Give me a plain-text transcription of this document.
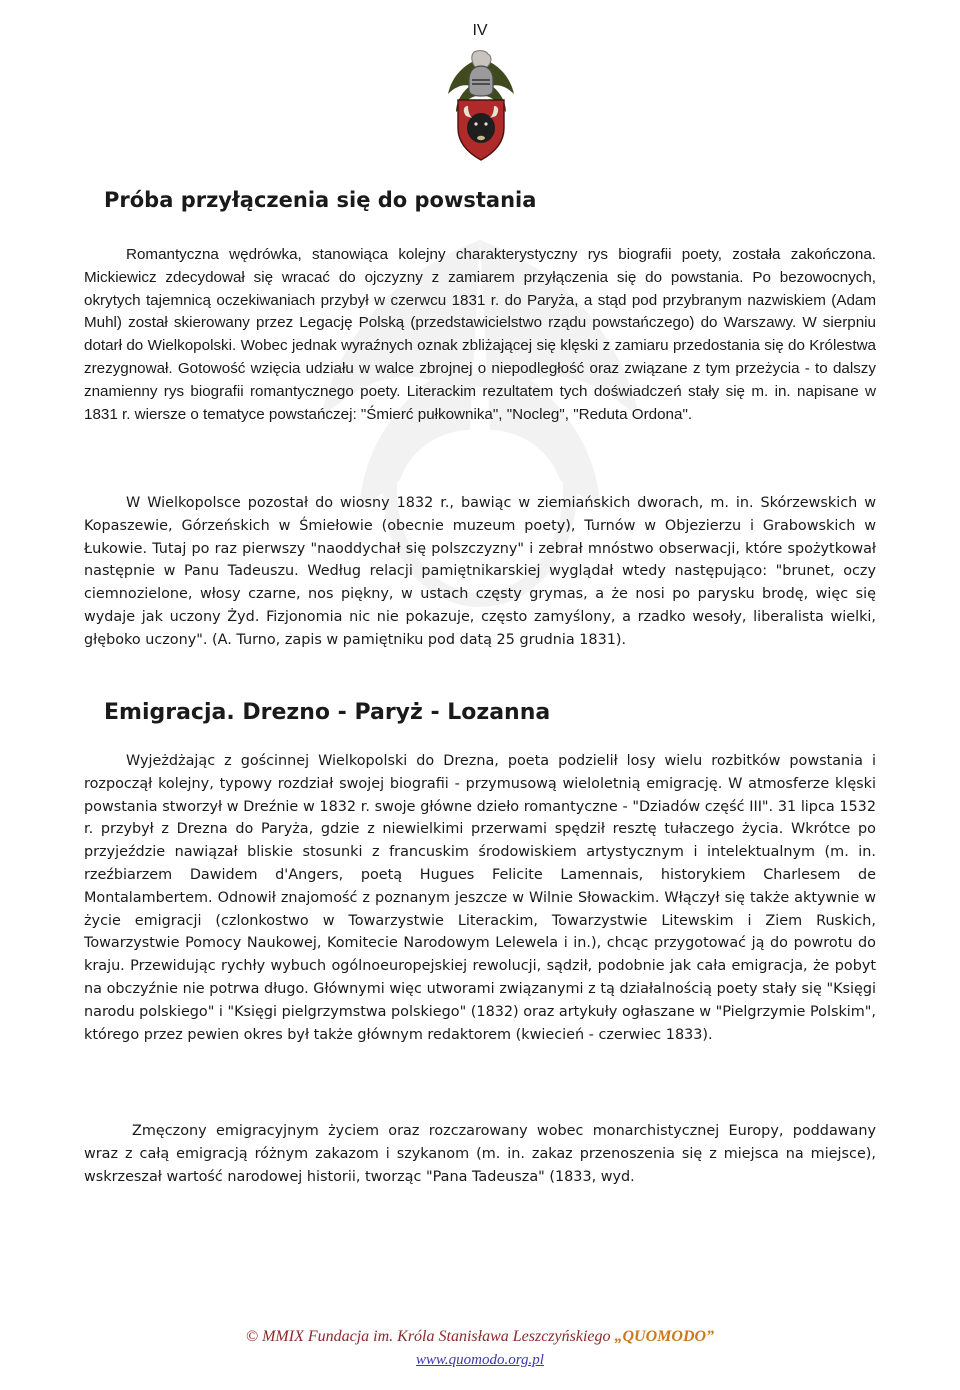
IV
Próba przyłączenia się do powstania

Romantyczna wędrówka, stanowiąca kolejny charakterystyczny rys biografii poety, została zakończona. Mickiewicz zdecydował się wracać do ojczyzny z zamiarem przyłączenia się do powstania. Po bezowocnych, okrytych tajemnicą oczekiwaniach przybył w czerwcu 1831 r. do Paryża, a stąd pod przybranym nazwiskiem (Adam Muhl) został skierowany przez Legację Polską (przedstawicielstwo rządu powstańczego) do Warszawy. W sierpniu dotarł do Wielkopolski. Wobec jednak wyraźnych oznak zbliżającej się klęski z zamiaru przedostania się do Królestwa zrezygnował. Gotowość wzięcia udziału w walce zbrojnej o niepodległość oraz związane z tym przeżycia - to dalszy znamienny rys biografii romantycznego poety. Literackim rezultatem tych doświadczeń stały się m. in. napisane w 1831 r. wiersze o tematyce powstańczej: "Śmierć pułkownika", "Nocleg", "Reduta Ordona".

W Wielkopolsce pozostał do wiosny 1832 r., bawiąc w ziemiańskich dworach, m. in. Skórzewskich w Kopaszewie, Górzeńskich w Śmiełowie (obecnie muzeum poety), Turnów w Objezierzu i Grabowskich w Łukowie. Tutaj po raz pierwszy "naoddychał się polszczyzny" i zebrał mnóstwo obserwacji, które spożytkował następnie w Panu Tadeuszu. Według relacji pamiętnikarskiej wyglądał wtedy następująco: "brunet, oczy ciemnozielone, włosy czarne, nos piękny, w ustach częsty grymas, a że nosi po parysku brodę, więc się wydaje jak uczony Żyd. Fizjonomia nic nie pokazuje, często zamyślony, a rzadko wesoły, liberalista wielki, głęboko uczony". (A. Turno, zapis w pamiętniku pod datą 25 grudnia 1831).

Emigracja. Drezno - Paryż - Lozanna

Wyjeżdżając z gościnnej Wielkopolski do Drezna, poeta podzielił losy wielu rozbitków powstania i rozpoczął kolejny, typowy rozdział swojej biografii - przymusową wieloletnią emigrację. W atmosferze klęski powstania stworzył w Dreźnie w 1832 r. swoje główne dzieło romantyczne - "Dziadów część III". 31 lipca 1532 r. przybył z Drezna do Paryża, gdzie z niewielkimi przerwami spędził resztę tułaczego życia. Wkrótce po przyjeździe nawiązał bliskie stosunki z francuskim środowiskiem artystycznym i intelektualnym (m. in. rzeźbiarzem Dawidem d'Angers, poetą Hugues Felicite Lamennais, historykiem Charlesem de Montalambertem. Odnowił znajomość z poznanym jeszcze w Wilnie Słowackim. Włączył się także aktywnie w życie emigracji (czlonkostwo w Towarzystwie Literackim, Towarzystwie Litewskim i Ziem Ruskich, Towarzystwie Pomocy Naukowej, Komitecie Narodowym Lelewela i in.), chcąc przygotować ją do powrotu do kraju. Przewidując rychły wybuch ogólnoeuropejskiej rewolucji, sądził, podobnie jak cała emigracja, że pobyt na obczyźnie nie potrwa długo. Głównymi więc utworami związanymi z tą działalnością poety stały się "Księgi narodu polskiego" i "Księgi pielgrzymstwa polskiego" (1832) oraz artykuły ogłaszane w "Pielgrzymie Polskim", którego przez pewien okres był także głównym redaktorem (kwiecień - czerwiec 1833).

Zmęczony emigracyjnym życiem oraz rozczarowany wobec monarchistycznej Europy, poddawany wraz z całą emigracją różnym zakazom i szykanom (m. in. zakaz przenoszenia się z miejsca na miejsce), wskrzeszał wartość narodowej historii, tworząc "Pana Tadeusza" (1833, wyd.

© MMIX Fundacja im. Króla Stanisława Leszczyńskiego „QUOMODO”
www.quomodo.org.pl
